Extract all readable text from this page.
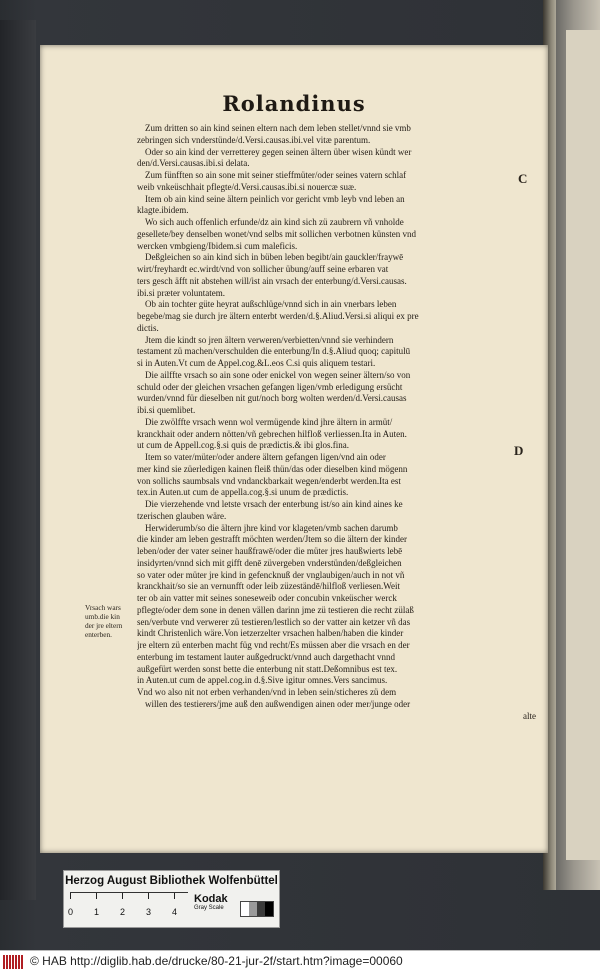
Rolandinus
Zum dritten so ain kind seinen eltern nach dem leben stellet/vnnd sie vmb
zebringen sich vnderstünde/d.Versi.causas.ibi.vel vitæ parentum.
Oder so ain kind der verretterey gegen seinen ältern über wisen kündt wer
den/d.Versi.causas.ibi.si delata.
Zum fünfften so ain sone mit seiner stieffmüter/oder seines vatern schlaf
weib vnkeüschhait pflegte/d.Versi.causas.ibi.si nouercæ suæ.
Item ob ain kind seine ältern peinlich vor gericht vmb leyb vnd leben an
klagte.ibidem.
Wo sich auch offenlich erfunde/dz ain kind sich zü zaubrern vñ vnholde
gesellete/bey denselben wonet/vnd selbs mit sollichen verbotnen künsten vnd
wercken vmbgieng/Ibidem.si cum maleficis.
Deßgleichen so ain kind sich in büben leben begibt/ain gauckler/fraywē
wirt/freyhardt ec.wirdt/vnd von sollicher übung/auff seine erbaren vat
ters gesch äfft nit abstehen will/ist ain vrsach der enterbung/d.Versi.causas.
ibi.si præter voluntatem.
Ob ain tochter güte heyrat außschlüge/vnnd sich in ain vnerbars leben
begebe/mag sie durch jre ältern enterbt werden/d.§.Aliud.Versi.si aliqui ex pre
dictis.
Jtem die kindt so jren ältern verweren/verbietten/vnnd sie verhindern
testament zü machen/verschulden die enterbung/In d.§.Aliud quoq; capitulū
si in Auten.Vt cum de Appel.cog.&L.eos C.si quis aliquem testari.
Die ailffte vrsach so ain sone oder enickel von wegen seiner ältern/so von
schuld oder der gleichen vrsachen gefangen ligen/vmb erledigung ersücht
wurden/vnnd für dieselben nit gut/noch borg wolten werden/d.Versi.causas
ibi.si quemlibet.
Die zwölffte vrsach wenn wol vermügende kind jhre ältern in armüt/
kranckhait oder andern nötten/vñ gebrechen hilfloß verliessen.Ita in Auten.
ut cum de Appell.cog.§.si quis de prædictis.& ibi glos.fina.
Item so vater/müter/oder andere ältern gefangen ligen/vnd ain oder
mer kind sie züerledigen kainen fleiß thün/das oder dieselben kind mögenn
von sollichs saumbsals vnd vndanckbarkait wegen/enderbt werden.Ita est
tex.in Auten.ut cum de appella.cog.§.si unum de prædictis.
Die vierzehende vnd letste vrsach der enterbung ist/so ain kind aines ke
tzerischen glauben wäre.
Herwiderumb/so die ältern jhre kind vor klageten/vmb sachen darumb
die kinder am leben gestrafft möchten werden/Jtem so die ältern der kinder
leben/oder der vater seiner haußfrawē/oder die müter jres haußwierts lebē
insidyrten/vnnd sich mit gifft denē züvergeben vnderstünden/deßgleichen
so vater oder müter jre kind in gefencknuß der vnglaubigen/auch in not vñ
kranckhait/so sie an vernunfft oder leib züzeständē/hilfloß verliesen.Weit
ter ob ain vatter mit seines soneseweib oder concubin vnkeüscher werck
pflegte/oder dem sone in denen vällen darinn jme zü testieren die recht zülaß
sen/verbute vnd verwerer zü testieren/lestlich so der vatter ain ketzer vñ das
kindt Christenlich wäre.Von ietzerzelter vrsachen halben/haben die kinder
jre eltern zü enterben macht füg vnd recht/Es müssen aber die vrsach en der
enterbung im testament lauter außgedruckt/vnnd auch dargethacht vnnd
außgefürt werden sonst bette die enterbung nit statt.Deßomnibus est tex.
in Auten.ut cum de appel.cog.in d.§.Sive igitur omnes.Vers sancimus.
Vnd wo also nit not erben verhanden/vnd in leben sein/sticheres zü dem
willen des testierers/jme auß den außwendigen ainen oder mer/junge oder
alte
Vrsach wars
umb.die kin
der jre eltern
enterben.
C
D
Herzog August Bibliothek Wolfenbüttel
0 1 2 3 4
Kodak
Gray Scale
© HAB http://diglib.hab.de/drucke/80-21-jur-2f/start.htm?image=00060
